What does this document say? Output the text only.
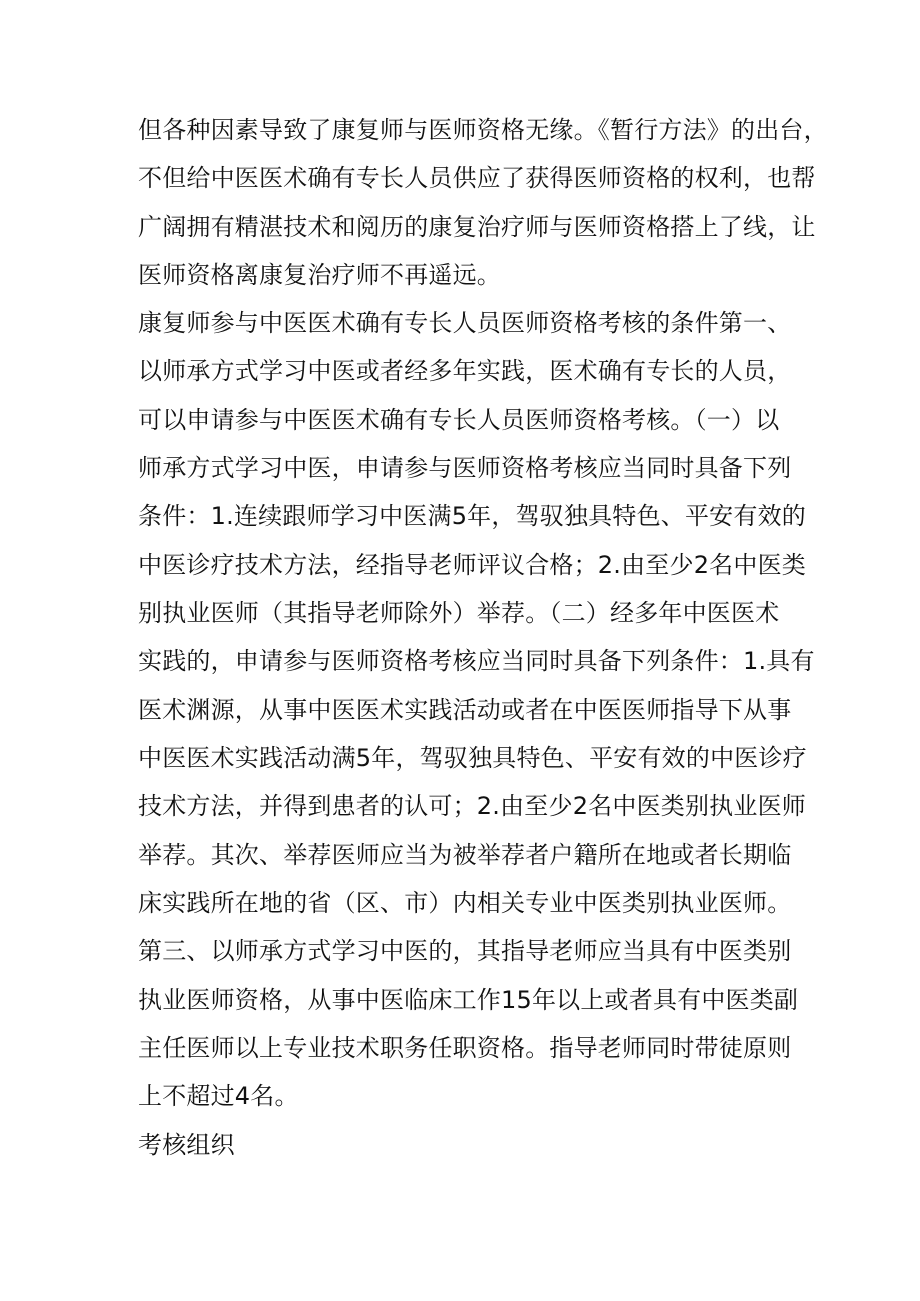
但各种因素导致了康复师与医师资格无缘。《暂行方法》的出台，
不但给中医医术确有专长人员供应了获得医师资格的权利，也帮
广阔拥有精湛技术和阅历的康复治疗师与医师资格搭上了线，让
医师资格离康复治疗师不再遥远。
康复师参与中医医术确有专长人员医师资格考核的条件第一、
以师承方式学习中医或者经多年实践，医术确有专长的人员，
可以申请参与中医医术确有专长人员医师资格考核。（一）以
师承方式学习中医，申请参与医师资格考核应当同时具备下列
条件：1.连续跟师学习中医满5年，驾驭独具特色、平安有效的
中医诊疗技术方法，经指导老师评议合格；2.由至少2名中医类
别执业医师（其指导老师除外）举荐。（二）经多年中医医术
实践的，申请参与医师资格考核应当同时具备下列条件：1.具有
医术渊源，从事中医医术实践活动或者在中医医师指导下从事
中医医术实践活动满5年，驾驭独具特色、平安有效的中医诊疗
技术方法，并得到患者的认可；2.由至少2名中医类别执业医师
举荐。其次、举荐医师应当为被举荐者户籍所在地或者长期临
床实践所在地的省（区、市）内相关专业中医类别执业医师。
第三、以师承方式学习中医的，其指导老师应当具有中医类别
执业医师资格，从事中医临床工作15年以上或者具有中医类副
主任医师以上专业技术职务任职资格。指导老师同时带徒原则
上不超过4名。
考核组织
